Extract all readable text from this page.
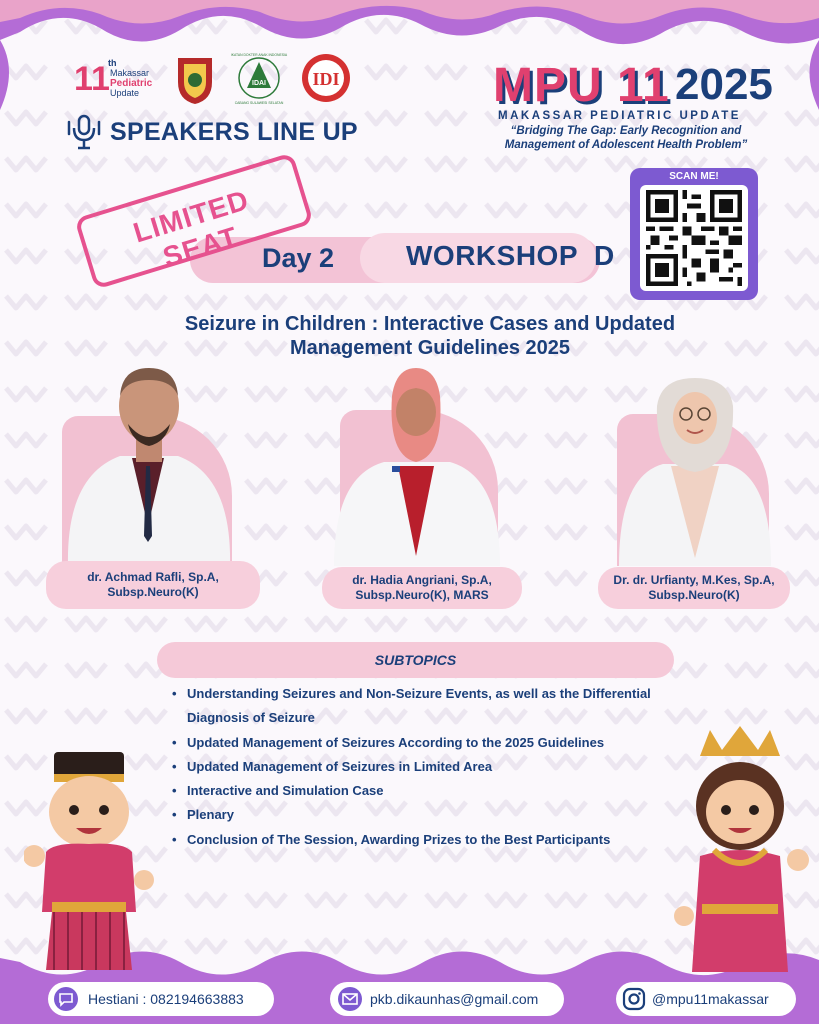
11
th
Makassar
Pediatric
Update
IDAI
IKATAN DOKTER ANAK INDONESIA
CABANG SULAWESI SELATAN
IDI
SPEAKERS LINE UP
MPU 11 2025
MAKASSAR PEDIATRIC UPDATE
“Bridging The Gap: Early Recognition and Management of Adolescent Health Problem”
SCAN ME!
Day 2	WORKSHOP  D
LIMITED SEAT
Seizure in Children : Interactive Cases and Updated Management Guidelines 2025
dr. Achmad Rafli, Sp.A,
Subsp.Neuro(K)
dr. Hadia Angriani, Sp.A,
Subsp.Neuro(K), MARS
Dr. dr. Urfianty, M.Kes, Sp.A,
Subsp.Neuro(K)
SUBTOPICS
• Understanding Seizures and Non-Seizure Events, as well as the Differential Diagnosis of Seizure
• Updated Management of Seizures According to the 2025 Guidelines
• Updated Management of Seizures in Limited Area
• Interactive and Simulation Case
• Plenary
• Conclusion of The Session, Awarding Prizes to the Best Participants
Hestiani : 082194663883	pkb.dikaunhas@gmail.com	@mpu11makassar
